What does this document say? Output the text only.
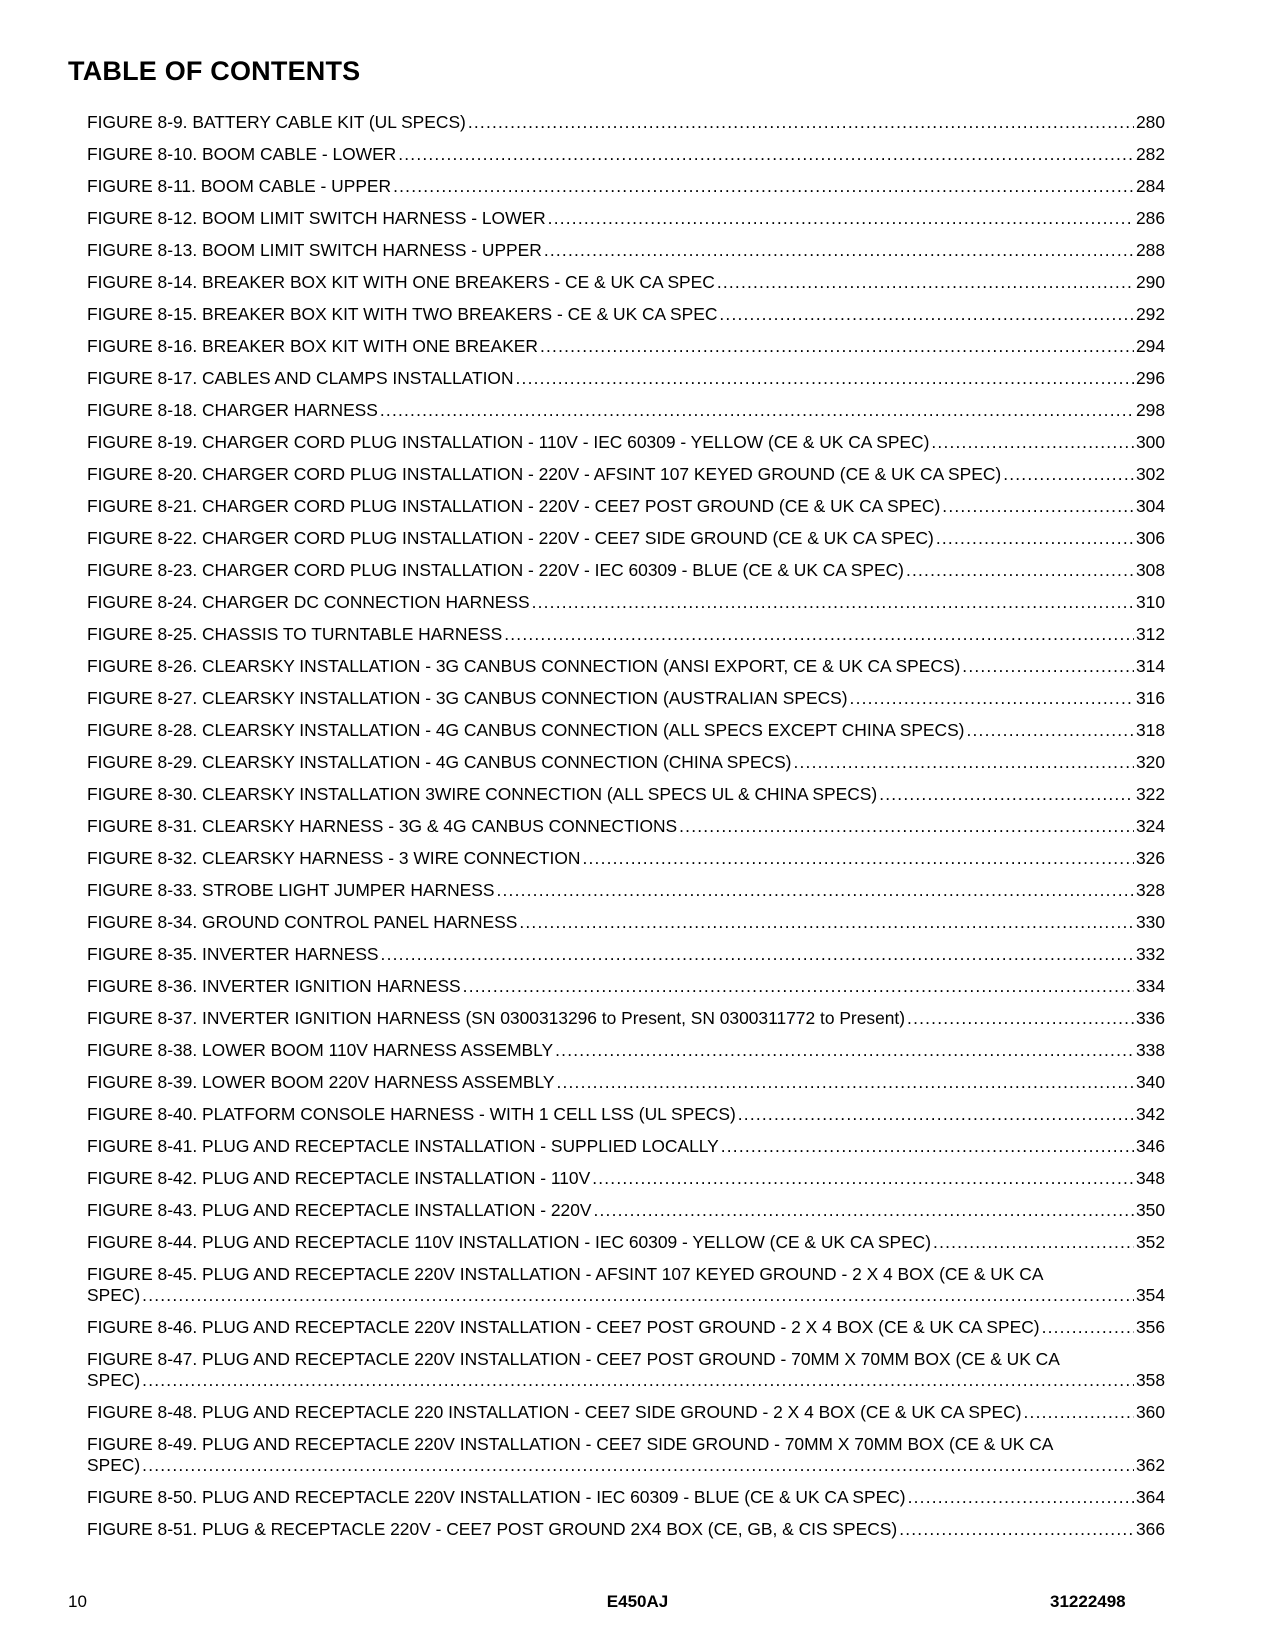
TABLE OF CONTENTS
FIGURE 8-9. BATTERY CABLE KIT (UL SPECS) .....	280
FIGURE 8-10. BOOM CABLE - LOWER .....	282
FIGURE 8-11. BOOM CABLE - UPPER .....	284
FIGURE 8-12. BOOM LIMIT SWITCH HARNESS - LOWER .....	286
FIGURE 8-13. BOOM LIMIT SWITCH HARNESS - UPPER .....	288
FIGURE 8-14. BREAKER BOX KIT WITH ONE BREAKERS - CE & UK CA SPEC .....	290
FIGURE 8-15. BREAKER BOX KIT WITH TWO BREAKERS - CE & UK CA SPEC .....	292
FIGURE 8-16. BREAKER BOX KIT WITH ONE BREAKER .....	294
FIGURE 8-17. CABLES AND CLAMPS INSTALLATION .....	296
FIGURE 8-18. CHARGER HARNESS .....	298
FIGURE 8-19. CHARGER CORD PLUG INSTALLATION - 110V - IEC 60309 - YELLOW (CE & UK CA SPEC) .....	300
FIGURE 8-20. CHARGER CORD PLUG INSTALLATION - 220V - AFSINT 107 KEYED GROUND (CE & UK CA SPEC) .....	302
FIGURE 8-21. CHARGER CORD PLUG INSTALLATION - 220V - CEE7 POST GROUND (CE & UK CA SPEC) .....	304
FIGURE 8-22. CHARGER CORD PLUG INSTALLATION - 220V - CEE7 SIDE GROUND (CE & UK CA SPEC) .....	306
FIGURE 8-23. CHARGER CORD PLUG INSTALLATION - 220V - IEC 60309 - BLUE (CE & UK CA SPEC) .....	308
FIGURE 8-24. CHARGER DC CONNECTION HARNESS .....	310
FIGURE 8-25. CHASSIS TO TURNTABLE HARNESS .....	312
FIGURE 8-26. CLEARSKY INSTALLATION - 3G CANBUS CONNECTION (ANSI EXPORT, CE & UK CA SPECS) .....	314
FIGURE 8-27. CLEARSKY INSTALLATION - 3G CANBUS CONNECTION (AUSTRALIAN SPECS) .....	316
FIGURE 8-28. CLEARSKY INSTALLATION - 4G CANBUS CONNECTION (ALL SPECS EXCEPT CHINA SPECS) .....	318
FIGURE 8-29. CLEARSKY INSTALLATION - 4G CANBUS CONNECTION (CHINA SPECS) .....	320
FIGURE 8-30. CLEARSKY INSTALLATION 3WIRE CONNECTION (ALL SPECS UL & CHINA SPECS) .....	322
FIGURE 8-31. CLEARSKY HARNESS - 3G & 4G CANBUS CONNECTIONS .....	324
FIGURE 8-32. CLEARSKY HARNESS - 3 WIRE CONNECTION .....	326
FIGURE 8-33. STROBE LIGHT JUMPER HARNESS .....	328
FIGURE 8-34. GROUND CONTROL PANEL HARNESS .....	330
FIGURE 8-35. INVERTER HARNESS .....	332
FIGURE 8-36. INVERTER IGNITION HARNESS .....	334
FIGURE 8-37. INVERTER IGNITION HARNESS (SN 0300313296 to Present, SN 0300311772 to Present) .....	336
FIGURE 8-38. LOWER BOOM 110V HARNESS ASSEMBLY .....	338
FIGURE 8-39. LOWER BOOM 220V HARNESS ASSEMBLY .....	340
FIGURE 8-40. PLATFORM CONSOLE HARNESS - WITH 1 CELL LSS (UL SPECS) .....	342
FIGURE 8-41. PLUG AND RECEPTACLE INSTALLATION - SUPPLIED LOCALLY .....	346
FIGURE 8-42. PLUG AND RECEPTACLE INSTALLATION - 110V .....	348
FIGURE 8-43. PLUG AND RECEPTACLE INSTALLATION - 220V .....	350
FIGURE 8-44. PLUG AND RECEPTACLE 110V INSTALLATION - IEC 60309 - YELLOW (CE & UK CA SPEC) .....	352
FIGURE 8-45. PLUG AND RECEPTACLE 220V INSTALLATION - AFSINT 107 KEYED GROUND - 2 X 4 BOX (CE & UK CA
SPEC) .....	354
FIGURE 8-46. PLUG AND RECEPTACLE 220V INSTALLATION - CEE7 POST GROUND - 2 X 4 BOX (CE & UK CA SPEC) .....	356
FIGURE 8-47. PLUG AND RECEPTACLE 220V INSTALLATION - CEE7 POST GROUND - 70MM X 70MM BOX (CE & UK CA
SPEC) .....	358
FIGURE 8-48. PLUG AND RECEPTACLE 220 INSTALLATION - CEE7 SIDE GROUND - 2 X 4 BOX (CE & UK CA SPEC) .....	360
FIGURE 8-49. PLUG AND RECEPTACLE 220V INSTALLATION - CEE7 SIDE GROUND - 70MM X 70MM BOX (CE & UK CA
SPEC) .....	362
FIGURE 8-50. PLUG AND RECEPTACLE 220V INSTALLATION - IEC 60309 - BLUE (CE & UK CA SPEC) .....	364
FIGURE 8-51. PLUG & RECEPTACLE 220V - CEE7 POST GROUND 2X4 BOX (CE, GB, & CIS SPECS) .....	366
10	E450AJ	31222498
